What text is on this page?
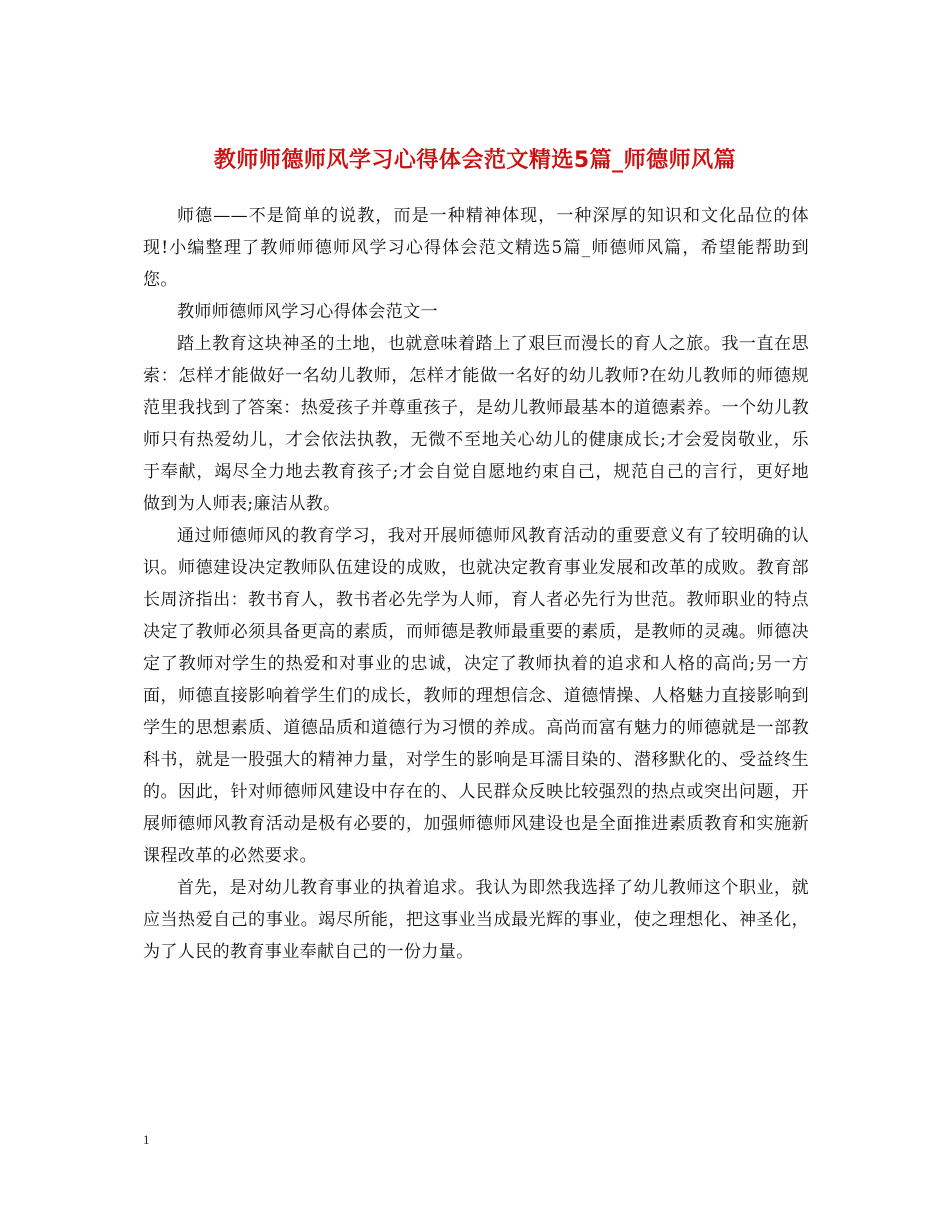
教师师德师风学习心得体会范文精选5篇_师德师风篇

师德——不是简单的说教，而是一种精神体现，一种深厚的知识和文化品位的体现!小编整理了教师师德师风学习心得体会范文精选5篇_师德师风篇，希望能帮助到您。

教师师德师风学习心得体会范文一

踏上教育这块神圣的土地，也就意味着踏上了艰巨而漫长的育人之旅。我一直在思索：怎样才能做好一名幼儿教师，怎样才能做一名好的幼儿教师?在幼儿教师的师德规范里我找到了答案：热爱孩子并尊重孩子，是幼儿教师最基本的道德素养。一个幼儿教师只有热爱幼儿，才会依法执教，无微不至地关心幼儿的健康成长;才会爱岗敬业，乐于奉献，竭尽全力地去教育孩子;才会自觉自愿地约束自己，规范自己的言行，更好地做到为人师表;廉洁从教。

通过师德师风的教育学习，我对开展师德师风教育活动的重要意义有了较明确的认识。师德建设决定教师队伍建设的成败，也就决定教育事业发展和改革的成败。教育部长周济指出：教书育人，教书者必先学为人师，育人者必先行为世范。教师职业的特点决定了教师必须具备更高的素质，而师德是教师最重要的素质，是教师的灵魂。师德决定了教师对学生的热爱和对事业的忠诚，决定了教师执着的追求和人格的高尚;另一方面，师德直接影响着学生们的成长，教师的理想信念、道德情操、人格魅力直接影响到学生的思想素质、道德品质和道德行为习惯的养成。高尚而富有魅力的师德就是一部教科书，就是一股强大的精神力量，对学生的影响是耳濡目染的、潜移默化的、受益终生的。因此，针对师德师风建设中存在的、人民群众反映比较强烈的热点或突出问题，开展师德师风教育活动是极有必要的，加强师德师风建设也是全面推进素质教育和实施新课程改革的必然要求。

首先，是对幼儿教育事业的执着追求。我认为即然我选择了幼儿教师这个职业，就应当热爱自己的事业。竭尽所能，把这事业当成最光辉的事业，使之理想化、神圣化，为了人民的教育事业奉献自己的一份力量。

1
